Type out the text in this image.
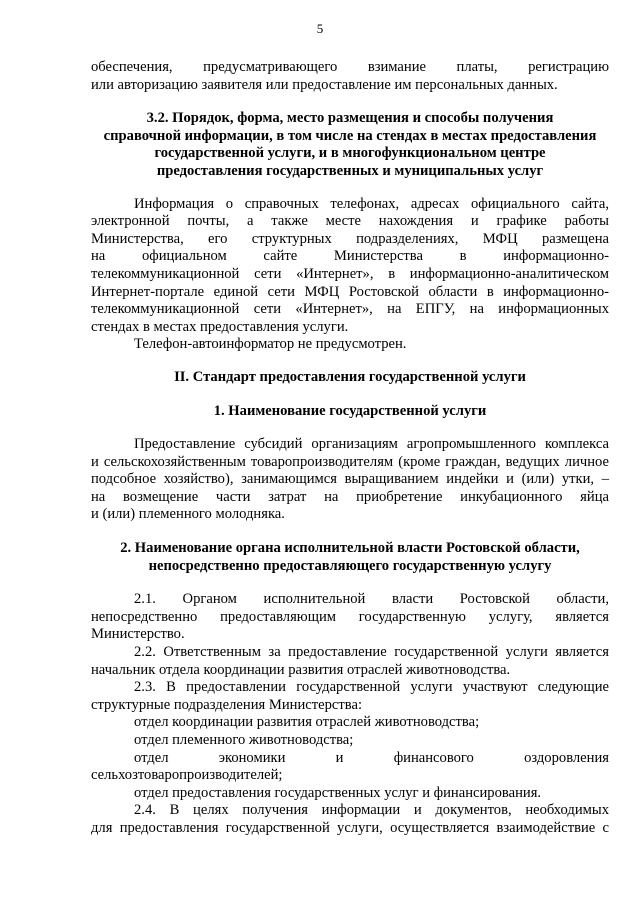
5

обеспечения, предусматривающего взимание платы, регистрацию

или авторизацию заявителя или предоставление им персональных данных.

3.2. Порядок, форма, место размещения и способы получения
справочной информации, в том числе на стендах в местах предоставления
государственной услуги, и в многофункциональном центре
предоставления государственных и муниципальных услуг

Информация о справочных телефонах, адресах официального сайта,

электронной почты, а также месте нахождения и графике работы

Министерства, его структурных подразделениях, МФЦ размещена

на официальном сайте Министерства в информационно-

телекоммуникационной сети «Интернет», в информационно-аналитическом

Интернет-портале единой сети МФЦ Ростовской области в информационно-

телекоммуникационной сети «Интернет», на ЕПГУ, на информационных

стендах в местах предоставления услуги.

Телефон-автоинформатор не предусмотрен.

II. Стандарт предоставления государственной услуги
1. Наименование государственной услуги

Предоставление субсидий организациям агропромышленного комплекса

и сельскохозяйственным товаропроизводителям (кроме граждан, ведущих личное

подсобное хозяйство), занимающимся выращиванием индейки и (или) утки, –

на возмещение части затрат на приобретение инкубационного яйца

и (или) племенного молодняка.

2. Наименование органа исполнительной власти Ростовской области,
непосредственно предоставляющего государственную услугу

2.1. Органом исполнительной власти Ростовской области,

непосредственно предоставляющим государственную услугу, является

Министерство.

2.2. Ответственным за предоставление государственной услуги является

начальник отдела координации развития отраслей животноводства.

2.3. В предоставлении государственной услуги участвуют следующие

структурные подразделения Министерства:

отдел координации развития отраслей животноводства;

отдел племенного животноводства;

отдел экономики и финансового оздоровления

сельхозтоваропроизводителей;

отдел предоставления государственных услуг и финансирования.

2.4. В целях получения информации и документов, необходимых

для предоставления государственной услуги, осуществляется взаимодействие с
